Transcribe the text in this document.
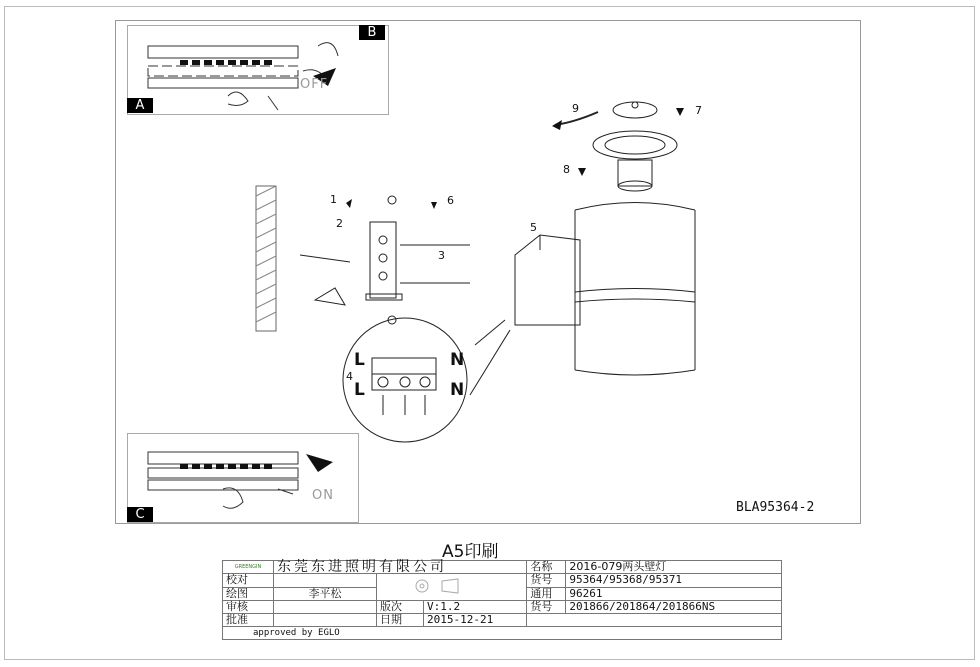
B
A
OFF
C
ON
1
2
3
4
5
6
7
8
9
L	N
L	N
BLA95364-2
A5印刷
GREENGIN	东莞东进照明有限公司			名称	2016-079两头壁灯
校对				货号	95364/95368/95371
绘图	李平松			通用	96261
审核		版次	V:1.2	货号	201866/201864/201866NS
批准		日期	2015-12-21		
approved by EGLO					
